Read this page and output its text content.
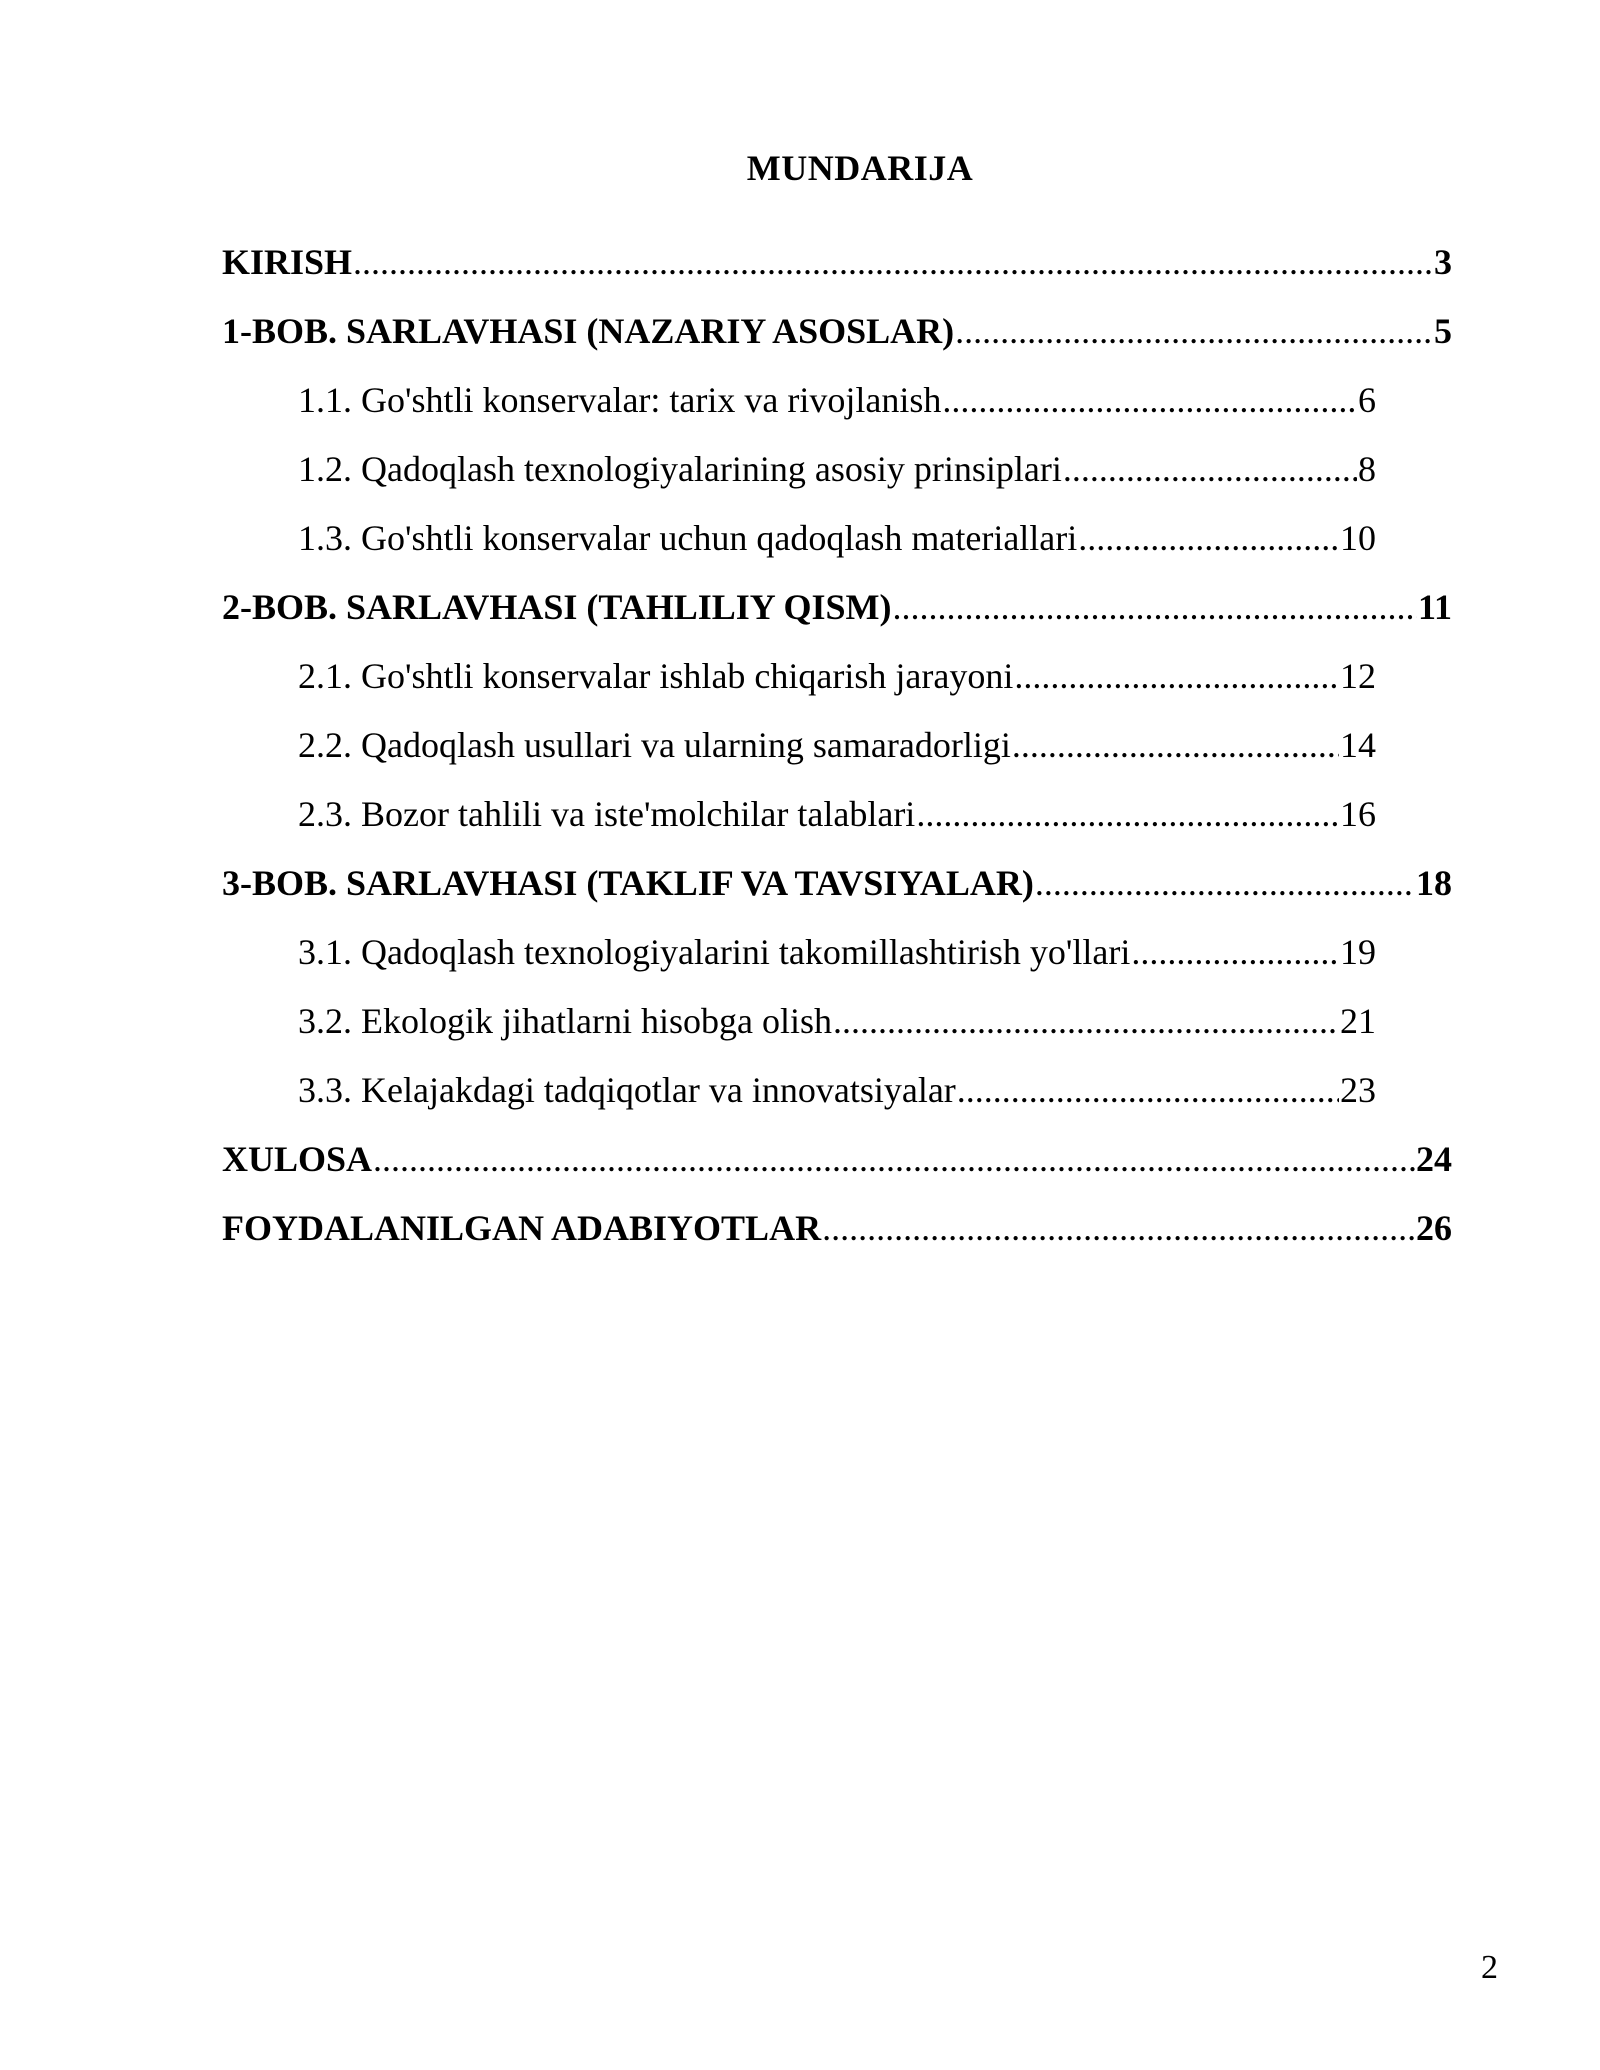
MUNDARIJA
KIRISH .....	3
1-BOB. SARLAVHASI (NAZARIY ASOSLAR) .....	5
1.1. Go'shtli konservalar: tarix va rivojlanish .....	6
1.2. Qadoqlash texnologiyalarining asosiy prinsiplari .....	8
1.3. Go'shtli konservalar uchun qadoqlash materiallari .....	10
2-BOB. SARLAVHASI (TAHLILIY QISM) .....	11
2.1. Go'shtli konservalar ishlab chiqarish jarayoni .....	12
2.2. Qadoqlash usullari va ularning samaradorligi .....	14
2.3. Bozor tahlili va iste'molchilar talablari .....	16
3-BOB. SARLAVHASI (TAKLIF VA TAVSIYALAR) .....	18
3.1. Qadoqlash texnologiyalarini takomillashtirish yo'llari .....	19
3.2. Ekologik jihatlarni hisobga olish .....	21
3.3. Kelajakdagi tadqiqotlar va innovatsiyalar .....	23
XULOSA .....	24
FOYDALANILGAN ADABIYOTLAR .....	26
2
